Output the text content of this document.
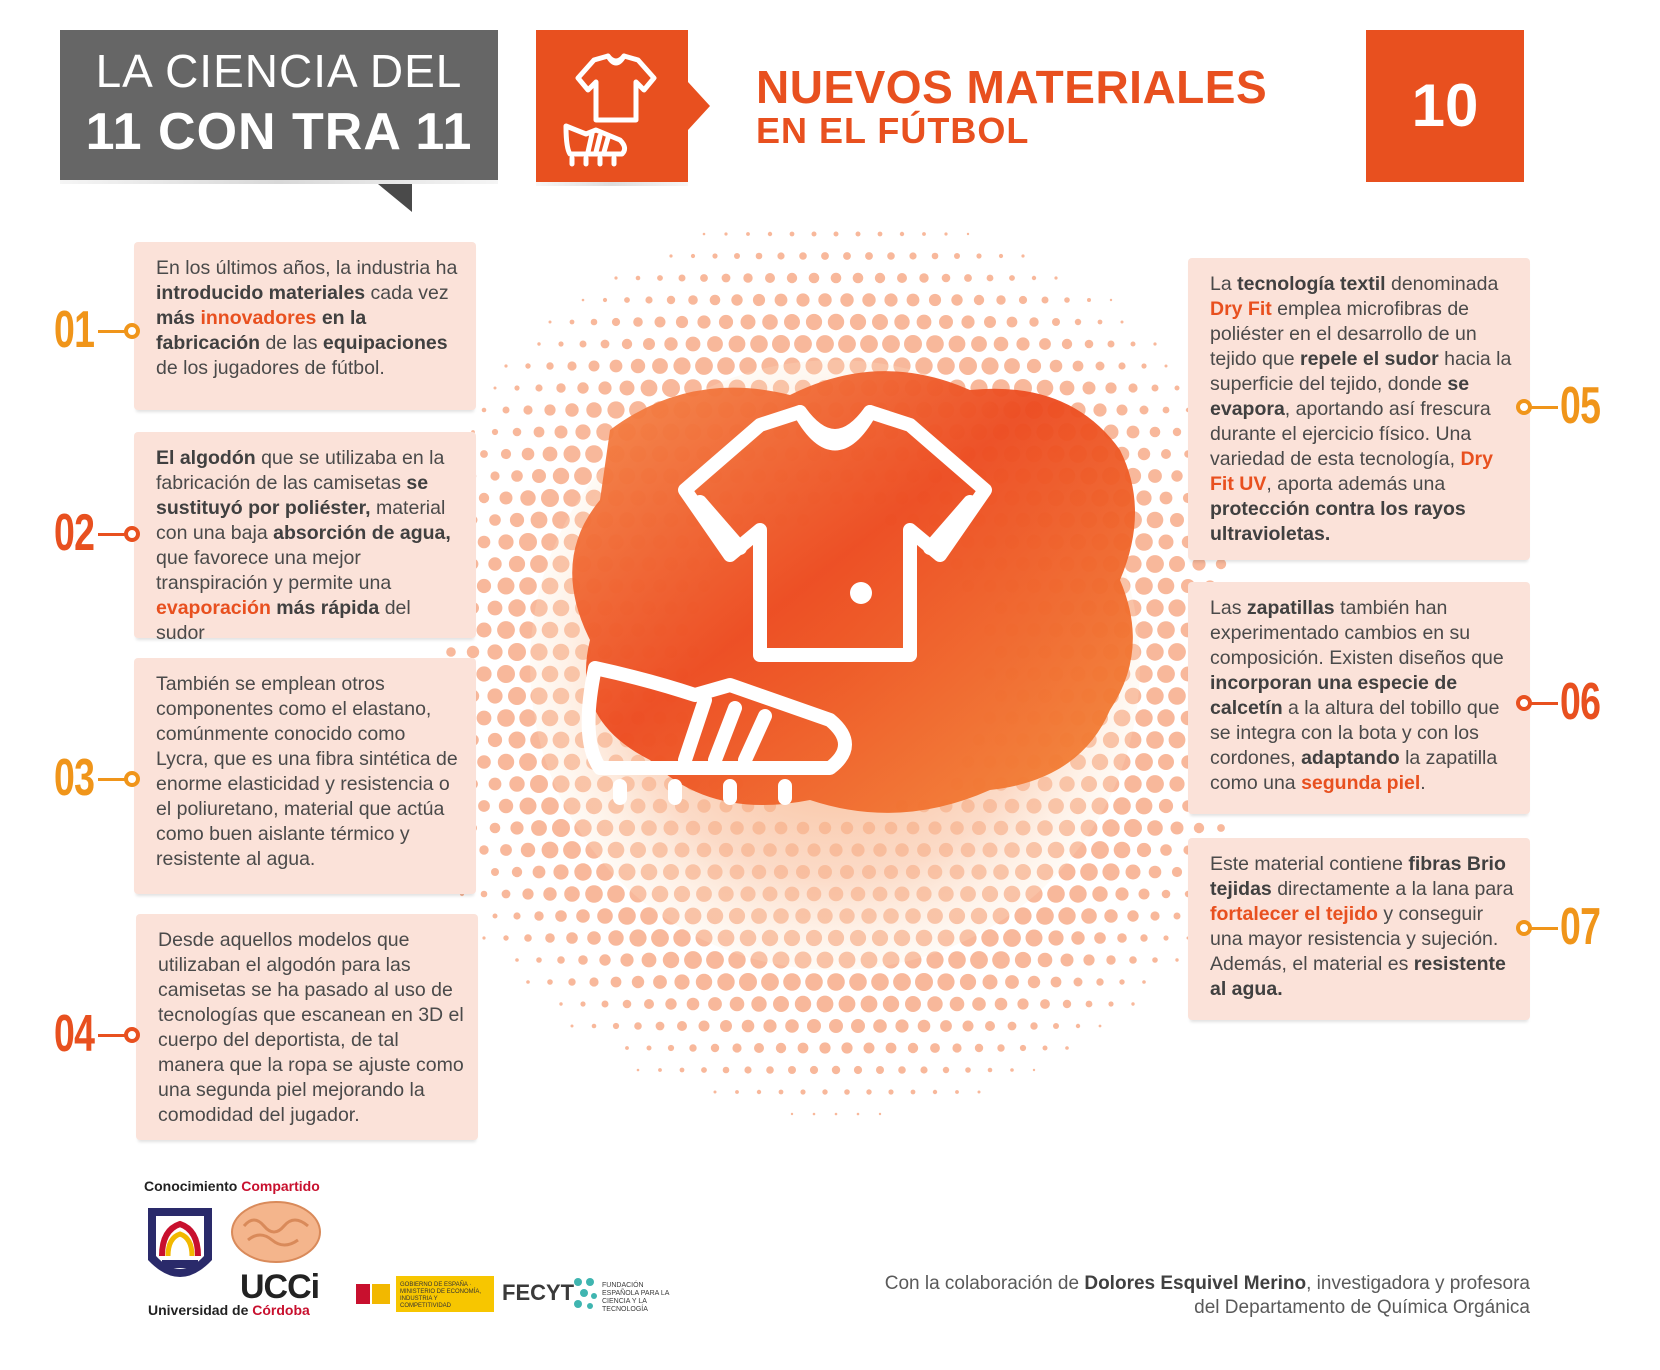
LA CIENCIA DEL
11 CON TRA 11
NUEVOS MATERIALES
EN EL FÚTBOL	10

En los últimos años, la industria ha introducido materiales cada vez más innovadores en la fabricación de las equipaciones de los jugadores de fútbol.

01

El algodón que se utilizaba en la fabricación de las camisetas se sustituyó por poliéster, material con una baja absorción de agua, que favorece una mejor transpiración y permite una evaporación más rápida del sudor

02

También se emplean otros componentes como el elastano, comúnmente conocido como Lycra, que es una fibra sintética de enorme elasticidad y resistencia o el poliuretano, material que actúa como buen aislante térmico y resistente al agua.

03

Desde aquellos modelos que utilizaban el algodón para las camisetas se ha pasado al uso de tecnologías que escanean en 3D el cuerpo del deportista, de tal manera que la ropa se ajuste como una segunda piel mejorando la comodidad del jugador.

04

La tecnología textil denominada Dry Fit emplea microfibras de poliéster en el desarrollo de un tejido que repele el sudor hacia la superficie del tejido, donde se evapora, aportando así frescura durante el ejercicio físico. Una variedad de esta tecnología, Dry Fit UV, aporta además una protección contra los rayos ultravioletas.

05

Las zapatillas también han experimentado cambios en su composición. Existen diseños que incorporan una especie de calcetín a la altura del tobillo que se integra con la bota y con los cordones, adaptando la zapatilla como una segunda piel.

06

Este material contiene fibras Brio tejidas directamente a la lana para fortalecer el tejido y conseguir una mayor resistencia y sujeción. Además, el material es resistente al agua.

07
Conocimiento Compartido
UCCi
Universidad de Córdoba
GOBIERNO DE ESPAÑA · MINISTERIO DE ECONOMÍA, INDUSTRIA Y COMPETITIVIDAD
FECYT	FUNDACIÓN ESPAÑOLA PARA LA CIENCIA Y LA TECNOLOGÍA
Con la colaboración de Dolores Esquivel Merino, investigadora y profesora
del Departamento de Química Orgánica
